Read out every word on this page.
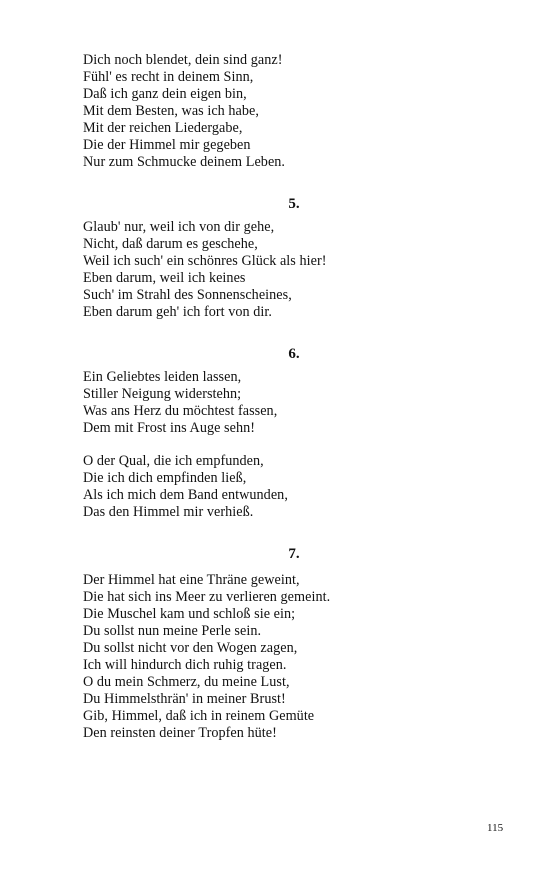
Dich noch blendet, dein sind ganz!
Fühl' es recht in deinem Sinn,
Daß ich ganz dein eigen bin,
Mit dem Besten, was ich habe,
Mit der reichen Liedergabe,
Die der Himmel mir gegeben
Nur zum Schmucke deinem Leben.
5.
Glaub' nur, weil ich von dir gehe,
Nicht, daß darum es geschehe,
Weil ich such' ein schönres Glück als hier!
Eben darum, weil ich keines
Such' im Strahl des Sonnenscheines,
Eben darum geh' ich fort von dir.
6.
Ein Geliebtes leiden lassen,
Stiller Neigung widerstehn;
Was ans Herz du möchtest fassen,
Dem mit Frost ins Auge sehn!
O der Qual, die ich empfunden,
Die ich dich empfinden ließ,
Als ich mich dem Band entwunden,
Das den Himmel mir verhieß.
7.
Der Himmel hat eine Thräne geweint,
Die hat sich ins Meer zu verlieren gemeint.
Die Muschel kam und schloß sie ein;
Du sollst nun meine Perle sein.
Du sollst nicht vor den Wogen zagen,
Ich will hindurch dich ruhig tragen.
O du mein Schmerz, du meine Lust,
Du Himmelsthrän' in meiner Brust!
Gib, Himmel, daß ich in reinem Gemüte
Den reinsten deiner Tropfen hüte!
115
